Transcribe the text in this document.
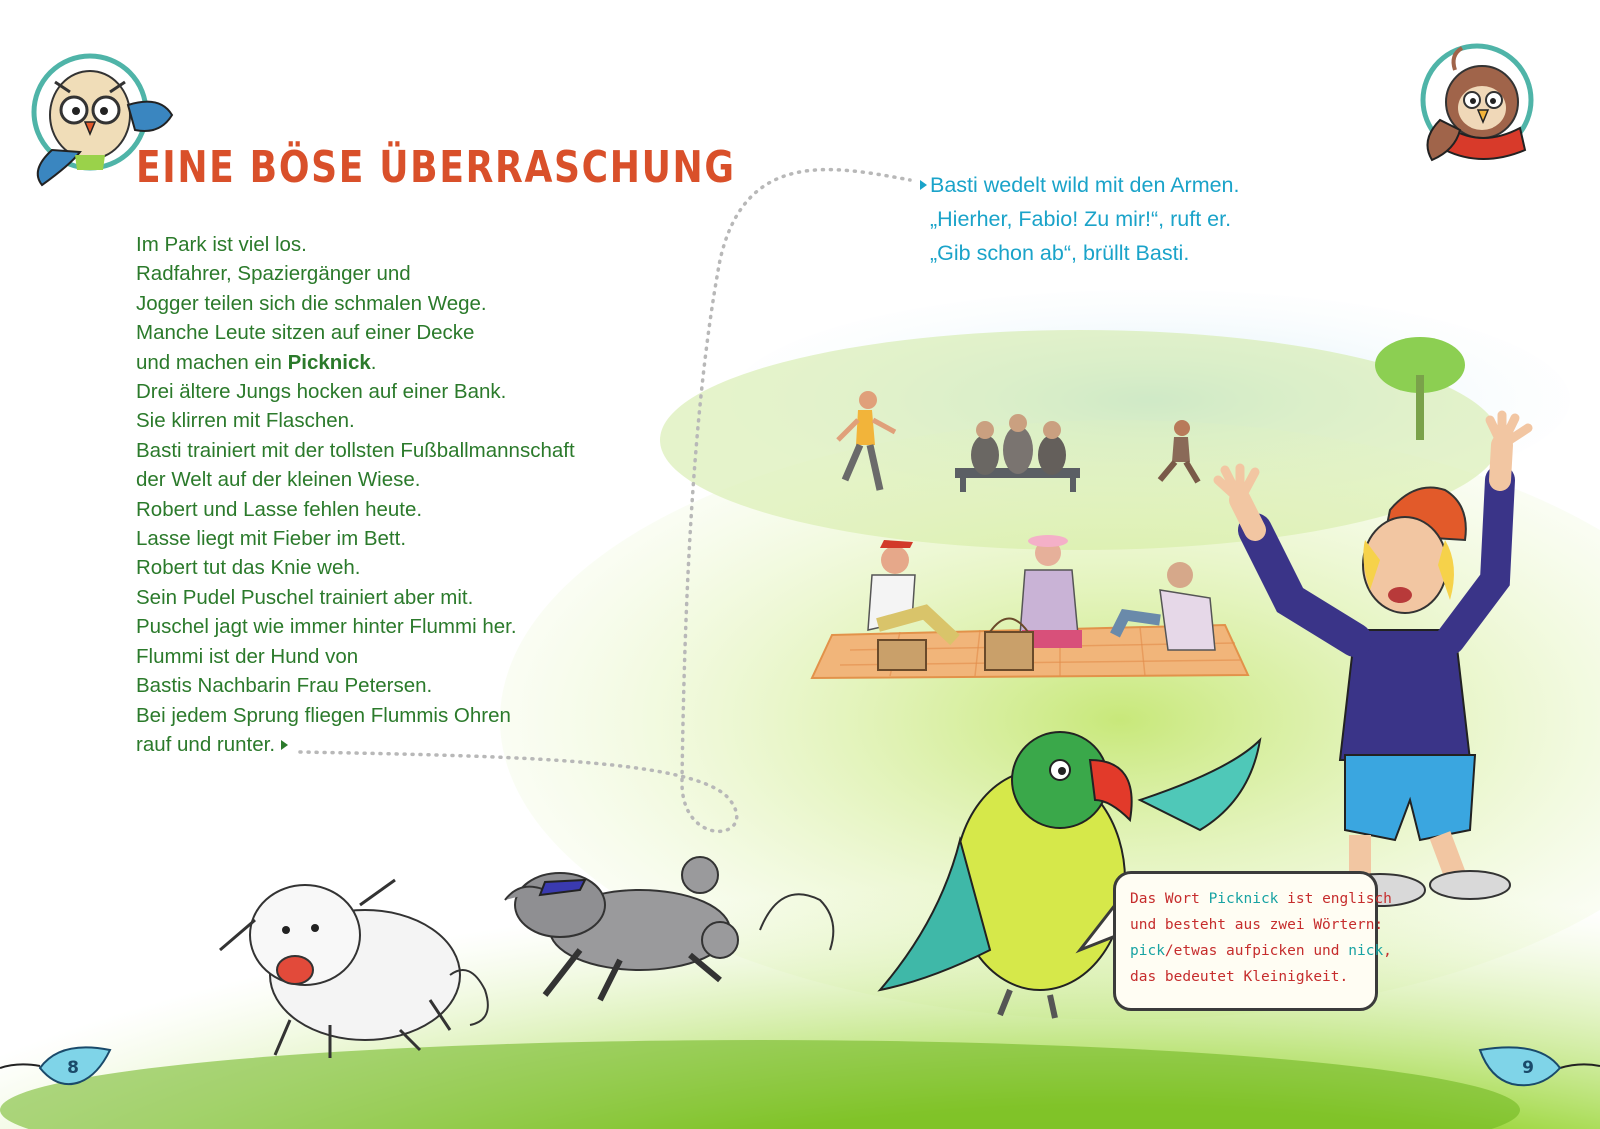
EINE BÖSE ÜBERRASCHUNG
Im Park ist viel los.
Radfahrer, Spaziergänger und
Jogger teilen sich die schmalen Wege.
Manche Leute sitzen auf einer Decke
und machen ein Picknick.
Drei ältere Jungs hocken auf einer Bank.
Sie klirren mit Flaschen.
Basti trainiert mit der tollsten Fußballmannschaft
der Welt auf der kleinen Wiese.
Robert und Lasse fehlen heute.
Lasse liegt mit Fieber im Bett.
Robert tut das Knie weh.
Sein Pudel Puschel trainiert aber mit.
Puschel jagt wie immer hinter Flummi her.
Flummi ist der Hund von
Bastis Nachbarin Frau Petersen.
Bei jedem Sprung fliegen Flummis Ohren
rauf und runter.
Basti wedelt wild mit den Armen.
„Hierher, Fabio! Zu mir!“, ruft er.
„Gib schon ab“, brüllt Basti.
Das Wort Picknick ist englisch
und besteht aus zwei Wörtern:
pick/etwas aufpicken und nick,
das bedeutet Kleinigkeit.
8	9
